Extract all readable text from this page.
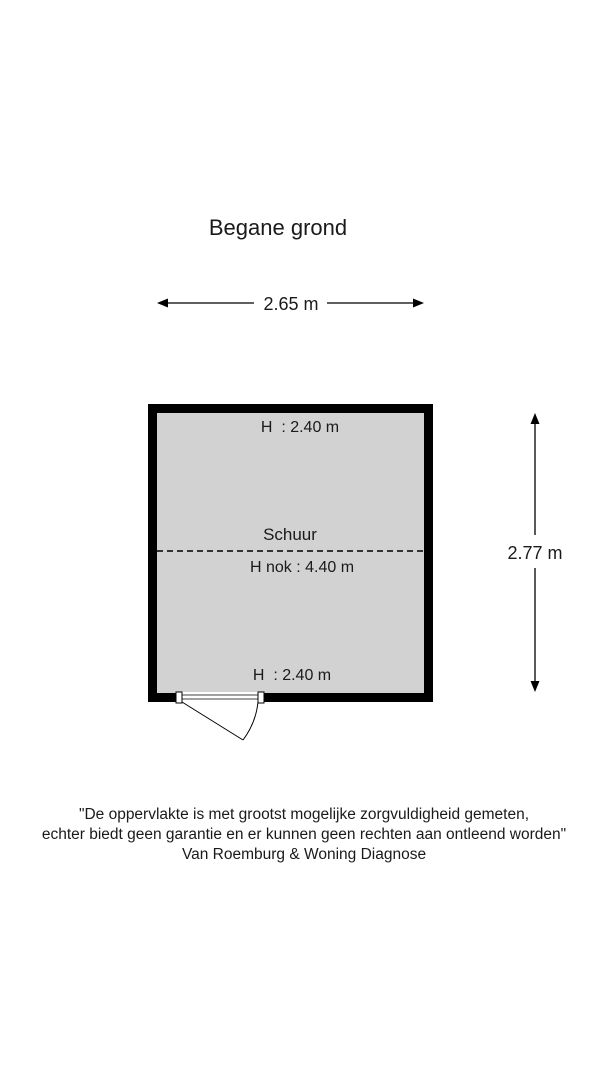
Begane grond
2.65 m
2.77 m
H  : 2.40 m
Schuur
H nok : 4.40 m
H  : 2.40 m
"De oppervlakte is met grootst mogelijke zorgvuldigheid gemeten,
echter biedt geen garantie en er kunnen geen rechten aan ontleend worden"
Van Roemburg & Woning Diagnose
